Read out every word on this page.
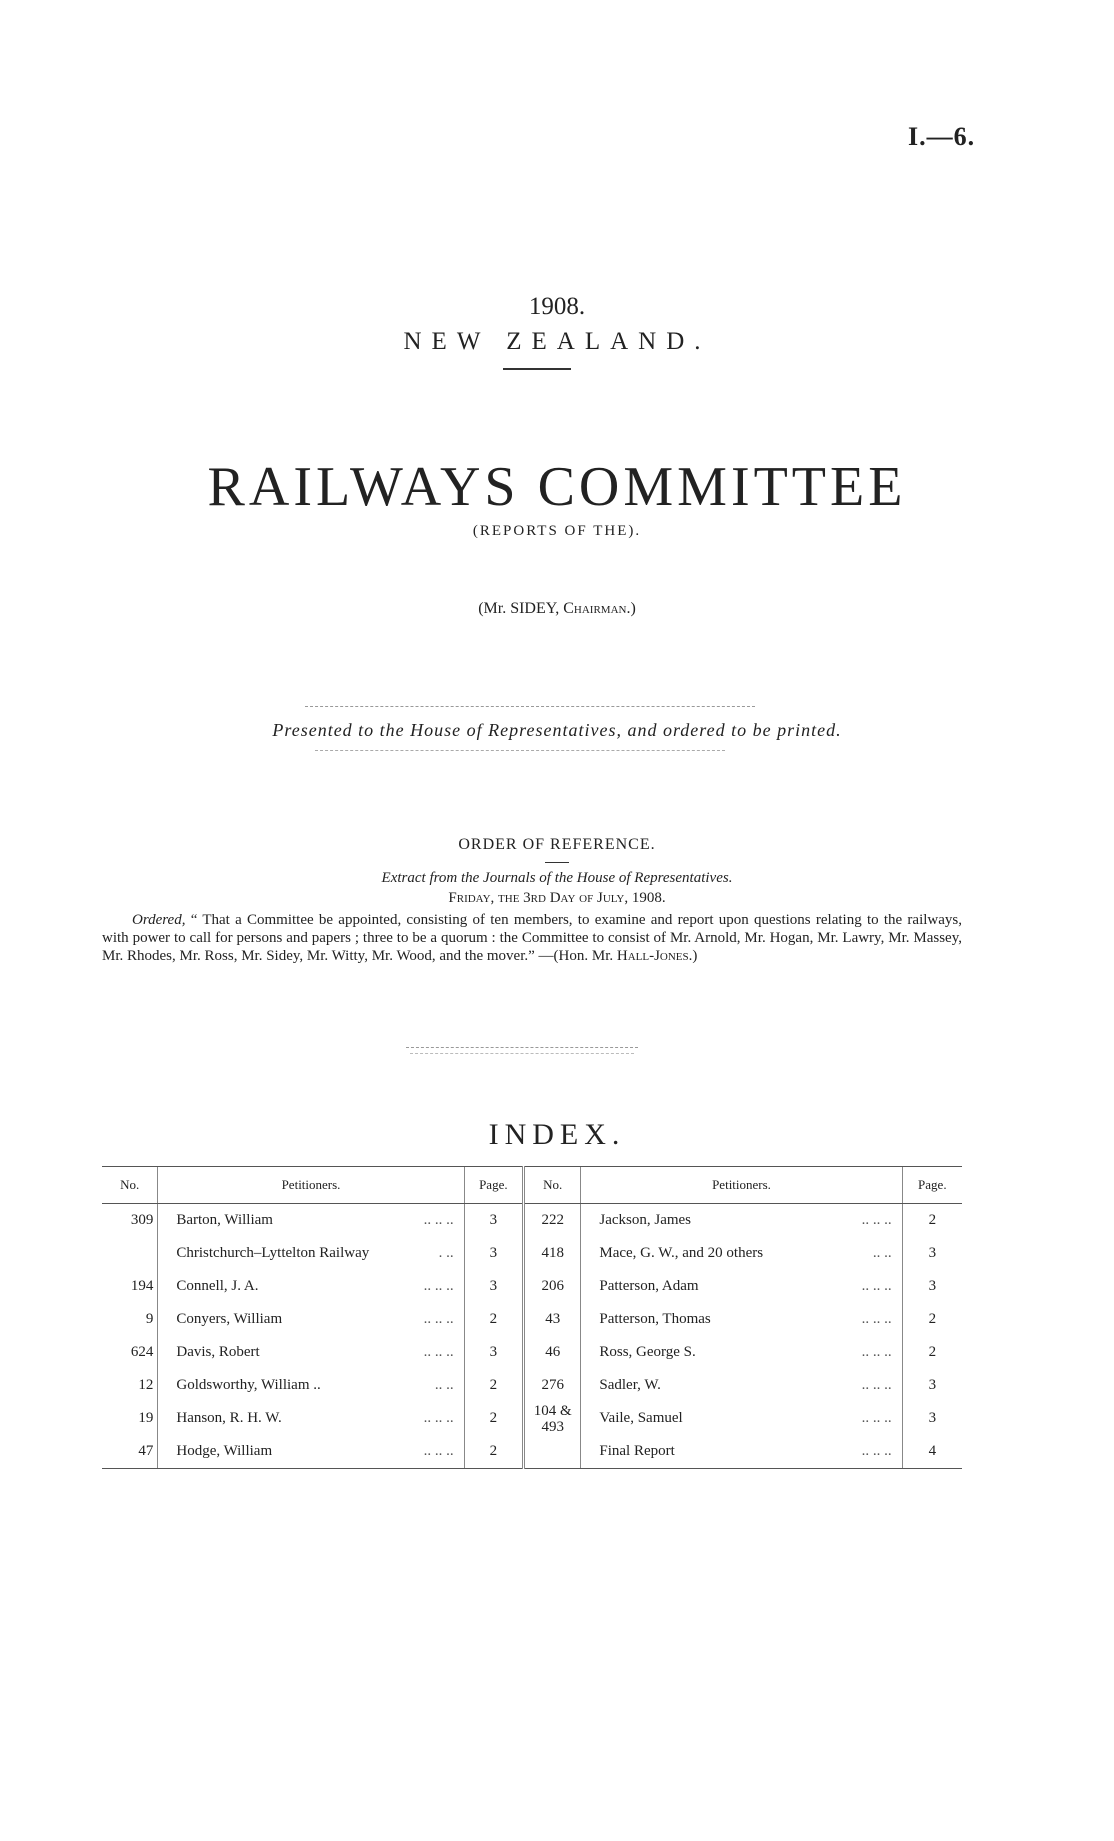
I.—6.
1908.
NEW ZEALAND.
RAILWAYS COMMITTEE
(REPORTS OF THE).
(Mr. SIDEY, Chairman.)
Presented to the House of Representatives, and ordered to be printed.
ORDER OF REFERENCE.
Extract from the Journals of the House of Representatives.
Friday, the 3rd Day of July, 1908.
Ordered, “ That a Committee be appointed, consisting of ten members, to examine and report upon questions relating to the railways, with power to call for persons and papers ; three to be a quorum : the Committee to consist of Mr. Arnold, Mr. Hogan, Mr. Lawry, Mr. Massey, Mr. Rhodes, Mr. Ross, Mr. Sidey, Mr. Witty, Mr. Wood, and the mover.” —(Hon. Mr. Hall-Jones.)
INDEX.
No.	Petitioners.	Page.	No.	Petitioners.	Page.
309	Barton, William .. .. ..	3	222	Jackson, James .. .. ..	2

	Christchurch–Lyttelton Railway . ..	3	418	Mace, G. W., and 20 others .. ..	3
194	Connell, J. A. .. .. ..	3	206	Patterson, Adam .. .. ..	3
9	Conyers, William .. .. ..	2	43	Patterson, Thomas .. .. ..	2
624	Davis, Robert .. .. ..	3	46	Ross, George S. .. .. ..	2
12	Goldsworthy, William .. .. ..	2	276	Sadler, W. .. .. ..	3
19	Hanson, R. H. W. .. .. ..	2	104 & 493	Vaile, Samuel .. .. ..	3
47	Hodge, William .. .. ..	2		Final Report .. .. ..	4
